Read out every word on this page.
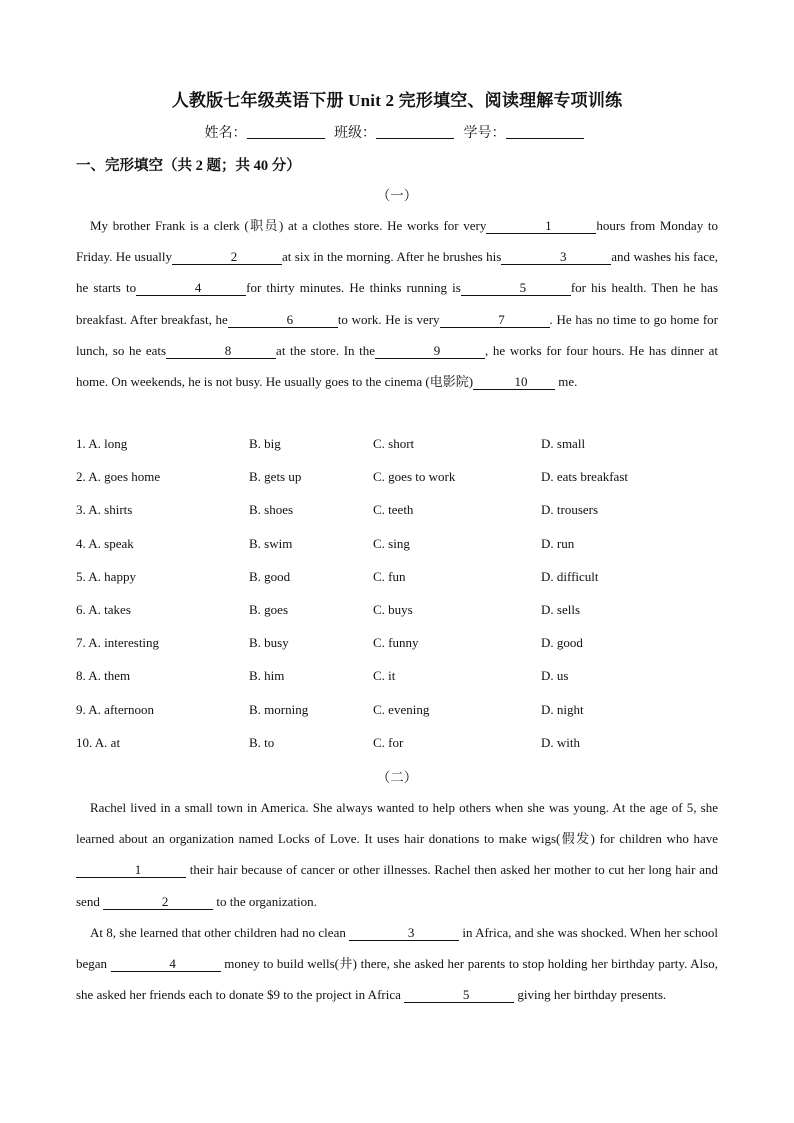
人教版七年级英语下册 Unit 2 完形填空、阅读理解专项训练
姓名：	班级：	学号：
一、完形填空（共 2 题；共 40 分）
（一）

My brother Frank is a clerk (职员) at a clothes store. He works for very	1	hours from Monday to Friday. He usually	2	at six in the morning. After he brushes his	3	and washes his face, he starts to	4	for thirty minutes. He thinks running is	5	for his health. Then he has breakfast. After breakfast, he	6	to work. He is very	7	. He has no time to go home for lunch, so he eats	8	at the store. In the	9	, he works for four hours. He has dinner at home. On weekends, he is not busy. He usually goes to the cinema (电影院)	10 me.

1. A. long	B. big	C. short	D. small
2. A. goes home	B. gets up	C. goes to work	D. eats breakfast
3. A. shirts	B. shoes	C. teeth	D. trousers
4. A. speak	B. swim	C. sing	D. run
5. A. happy	B. good	C. fun	D. difficult
6. A. takes	B. goes	C. buys	D. sells
7. A. interesting	B. busy	C. funny	D. good
8. A. them	B. him	C. it	D. us
9. A. afternoon	B. morning	C. evening	D. night
10. A. at	B. to	C. for	D. with
（二）

Rachel lived in a small town in America. She always wanted to help others when she was young. At the age of 5, she learned about an organization named Locks of Love. It uses hair donations to make wigs(假发) for children who have 1	their hair because of cancer or other illnesses. Rachel then asked her mother to cut her long hair and send	2	to the organization.

At 8, she learned that other children had no clean	3	in Africa, and she was shocked. When her school began	4	money to build wells(井) there, she asked her parents to stop holding her birthday party. Also, she asked her friends each to donate $9 to the project in Africa	5	giving her birthday presents.
